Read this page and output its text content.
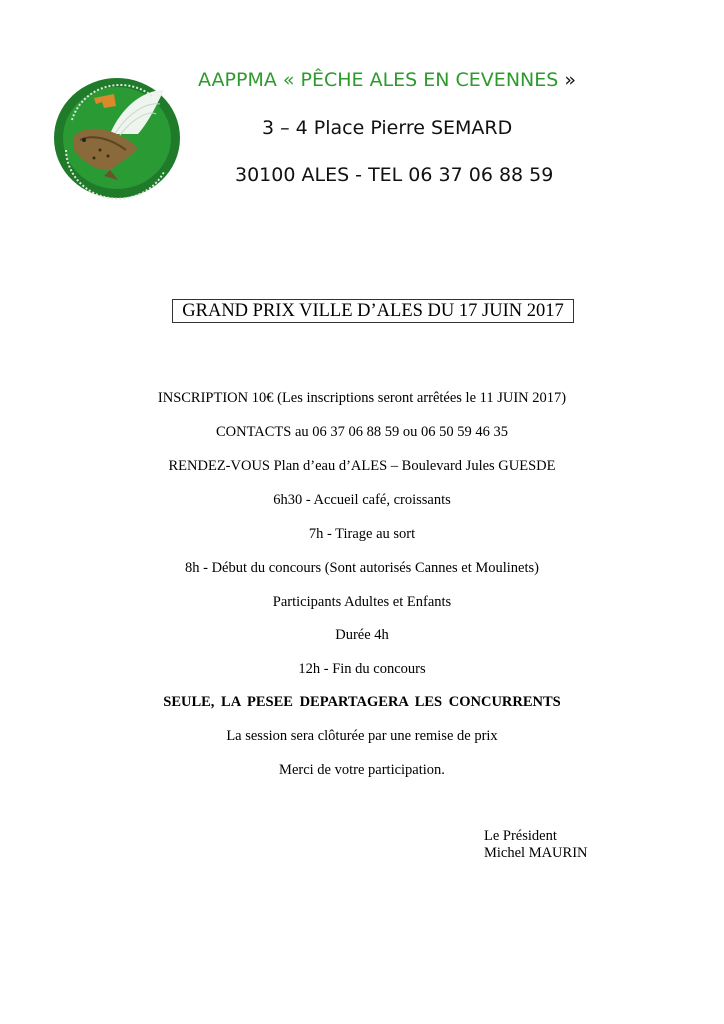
AAPPMA « PÊCHE ALES EN CEVENNES »
3 – 4 Place Pierre SEMARD
30100 ALES - TEL 06 37 06 88 59
GRAND PRIX VILLE D’ALES DU 17 JUIN 2017
INSCRIPTION 10€ (Les inscriptions seront arrêtées le 11 JUIN 2017)
CONTACTS au 06 37 06 88 59 ou 06 50 59 46 35
RENDEZ-VOUS Plan d’eau d’ALES – Boulevard Jules GUESDE
6h30 - Accueil café, croissants
7h - Tirage au sort
8h - Début du concours (Sont autorisés Cannes et Moulinets)
Participants Adultes et Enfants
Durée 4h
12h - Fin du concours
SEULE, LA PESEE DEPARTAGERA LES CONCURRENTS
La session sera clôturée par une remise de prix
Merci de votre participation.
Le Président
Michel MAURIN
